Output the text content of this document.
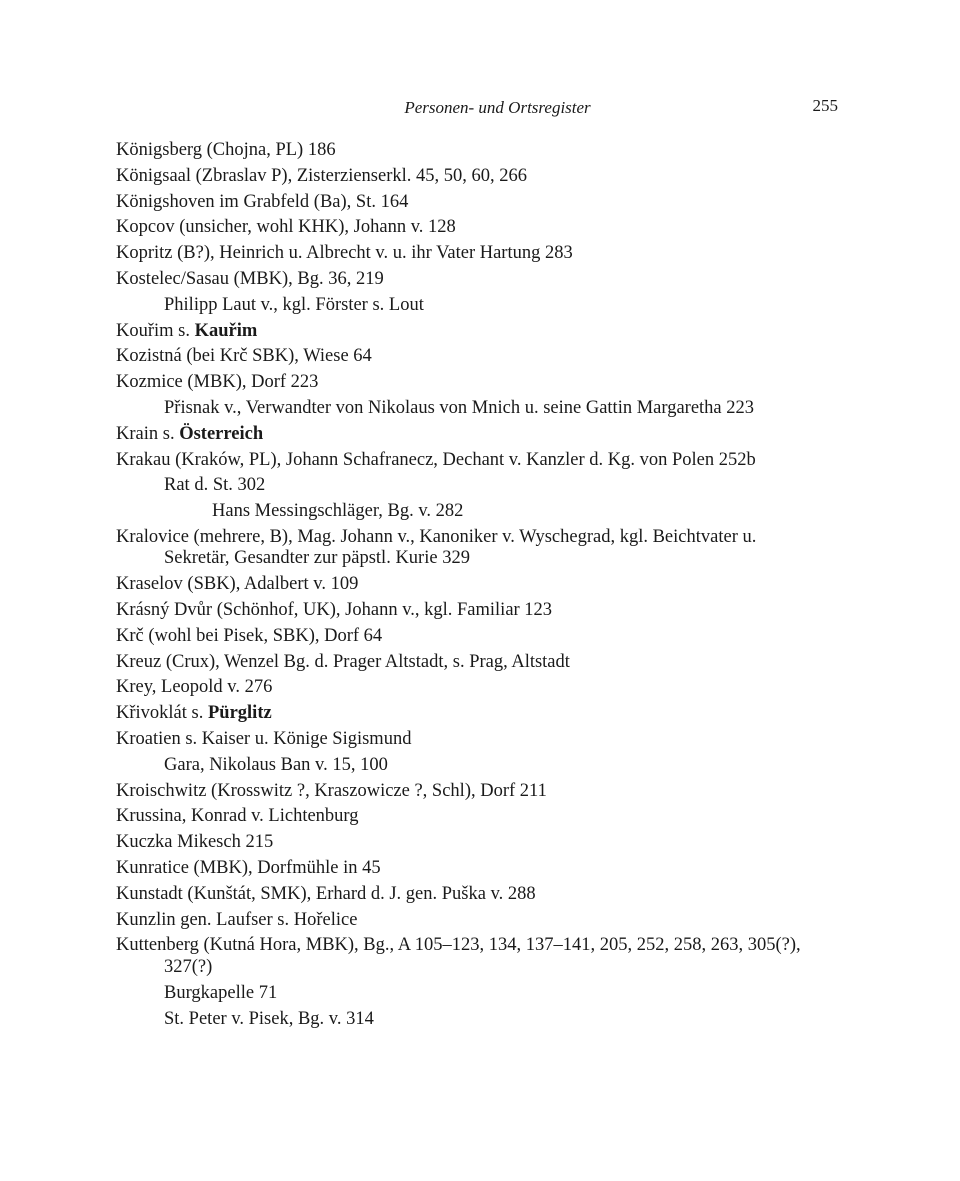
Personen- und Ortsregister	255
Königsberg (Chojna, PL) 186
Königsaal (Zbraslav P), Zisterzienserkl. 45, 50, 60, 266
Königshoven im Grabfeld (Ba), St. 164
Kopcov (unsicher, wohl KHK), Johann v. 128
Kopritz (B?), Heinrich u. Albrecht v. u. ihr Vater Hartung 283
Kostelec/Sasau (MBK), Bg. 36, 219
Philipp Laut v., kgl. Förster s. Lout
Kouřim s. Kauřim
Kozistná (bei Krč SBK), Wiese 64
Kozmice (MBK), Dorf 223
Přisnak v., Verwandter von Nikolaus von Mnich u. seine Gattin Margaretha 223
Krain s. Österreich
Krakau (Kraków, PL), Johann Schafranecz, Dechant v. Kanzler d. Kg. von Polen 252b
Rat d. St. 302
Hans Messingschläger, Bg. v. 282
Kralovice (mehrere, B), Mag. Johann v., Kanoniker v. Wyschegrad, kgl. Beichtvater u. Sekretär, Gesandter zur päpstl. Kurie 329
Kraselov (SBK), Adalbert v. 109
Krásný Dvůr (Schönhof, UK), Johann v., kgl. Familiar 123
Krč (wohl bei Pisek, SBK), Dorf 64
Kreuz (Crux), Wenzel Bg. d. Prager Altstadt, s. Prag, Altstadt
Krey, Leopold v. 276
Křivoklát s. Pürglitz
Kroatien s. Kaiser u. Könige Sigismund
Gara, Nikolaus Ban v. 15, 100
Kroischwitz (Krosswitz ?, Kraszowicze ?, Schl), Dorf 211
Krussina, Konrad v. Lichtenburg
Kuczka Mikesch 215
Kunratice (MBK), Dorfmühle in 45
Kunstadt (Kunštát, SMK), Erhard d. J. gen. Puška v. 288
Kunzlin gen. Laufser s. Hořelice
Kuttenberg (Kutná Hora, MBK), Bg., A 105–123, 134, 137–141, 205, 252, 258, 263, 305(?), 327(?)
Burgkapelle 71
St. Peter v. Pisek, Bg. v. 314
